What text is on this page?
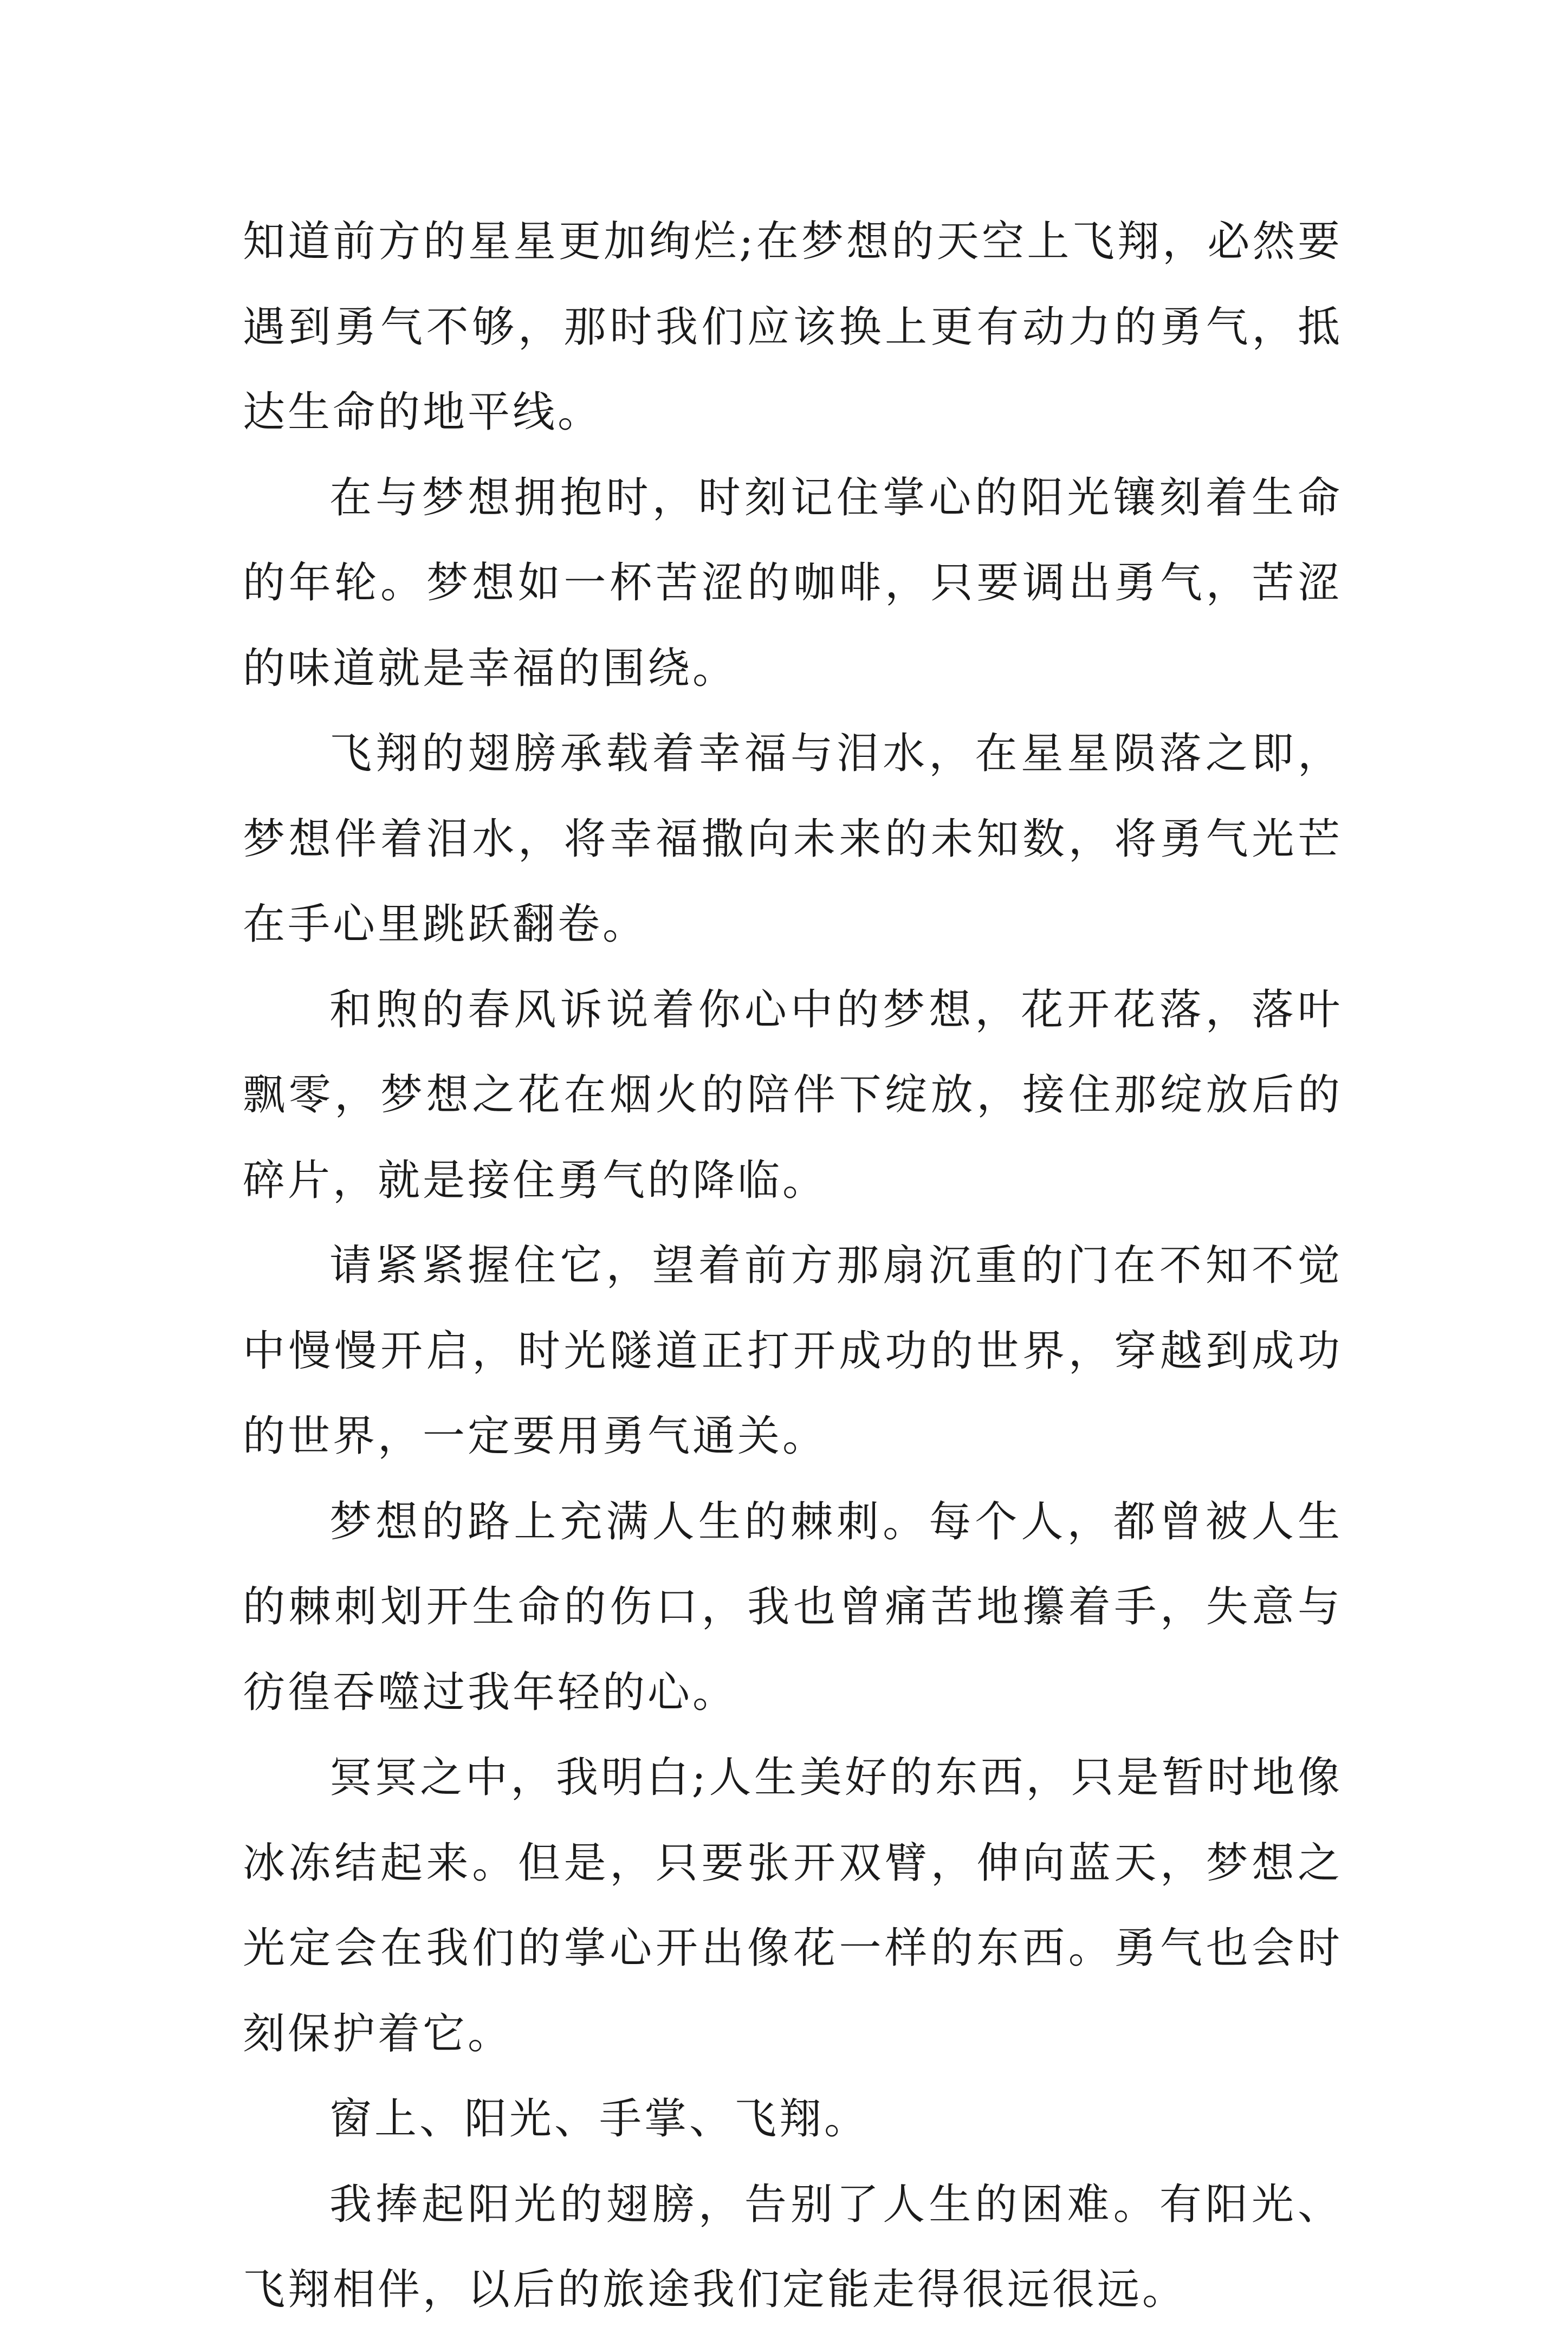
知道前方的星星更加绚烂;在梦想的天空上飞翔，必然要遇到勇气不够，那时我们应该换上更有动力的勇气，抵达生命的地平线。

在与梦想拥抱时，时刻记住掌心的阳光镶刻着生命的年轮。梦想如一杯苦涩的咖啡，只要调出勇气，苦涩的味道就是幸福的围绕。

飞翔的翅膀承载着幸福与泪水，在星星陨落之即，梦想伴着泪水，将幸福撒向未来的未知数，将勇气光芒在手心里跳跃翻卷。

和煦的春风诉说着你心中的梦想，花开花落，落叶飘零，梦想之花在烟火的陪伴下绽放，接住那绽放后的碎片，就是接住勇气的降临。

请紧紧握住它，望着前方那扇沉重的门在不知不觉中慢慢开启，时光隧道正打开成功的世界，穿越到成功的世界，一定要用勇气通关。

梦想的路上充满人生的棘刺。每个人，都曾被人生的棘刺划开生命的伤口，我也曾痛苦地攥着手，失意与彷徨吞噬过我年轻的心。

冥冥之中，我明白;人生美好的东西，只是暂时地像冰冻结起来。但是，只要张开双臂，伸向蓝天，梦想之光定会在我们的掌心开出像花一样的东西。勇气也会时刻保护着它。

窗上、阳光、手掌、飞翔。

我捧起阳光的翅膀，告别了人生的困难。有阳光、飞翔相伴，以后的旅途我们定能走得很远很远。
